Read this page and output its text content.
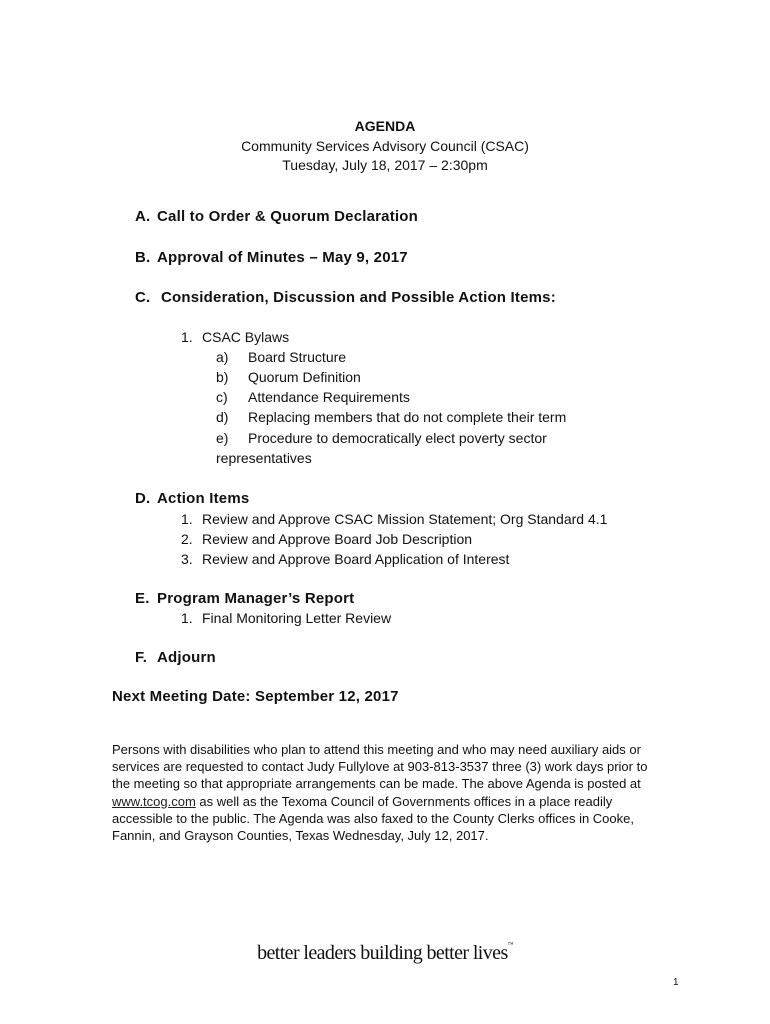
AGENDA
Community Services Advisory Council (CSAC)
Tuesday, July 18, 2017 – 2:30pm
A. Call to Order & Quorum Declaration
B. Approval of Minutes – May 9, 2017
C. Consideration, Discussion and Possible Action Items:
1. CSAC Bylaws
a) Board Structure
b) Quorum Definition
c) Attendance Requirements
d) Replacing members that do not complete their term
e) Procedure to democratically elect poverty sector
representatives
D. Action Items
1. Review and Approve CSAC Mission Statement; Org Standard 4.1
2. Review and Approve Board Job Description
3. Review and Approve Board Application of Interest
E. Program Manager’s Report
1. Final Monitoring Letter Review
F. Adjourn
Next Meeting Date: September 12, 2017
Persons with disabilities who plan to attend this meeting and who may need auxiliary aids or services are requested to contact Judy Fullylove at 903-813-3537 three (3) work days prior to the meeting so that appropriate arrangements can be made. The above Agenda is posted at www.tcog.com as well as the Texoma Council of Governments offices in a place readily accessible to the public. The Agenda was also faxed to the County Clerks offices in Cooke, Fannin, and Grayson Counties, Texas Wednesday, July 12, 2017.
better leaders building better lives™
1
